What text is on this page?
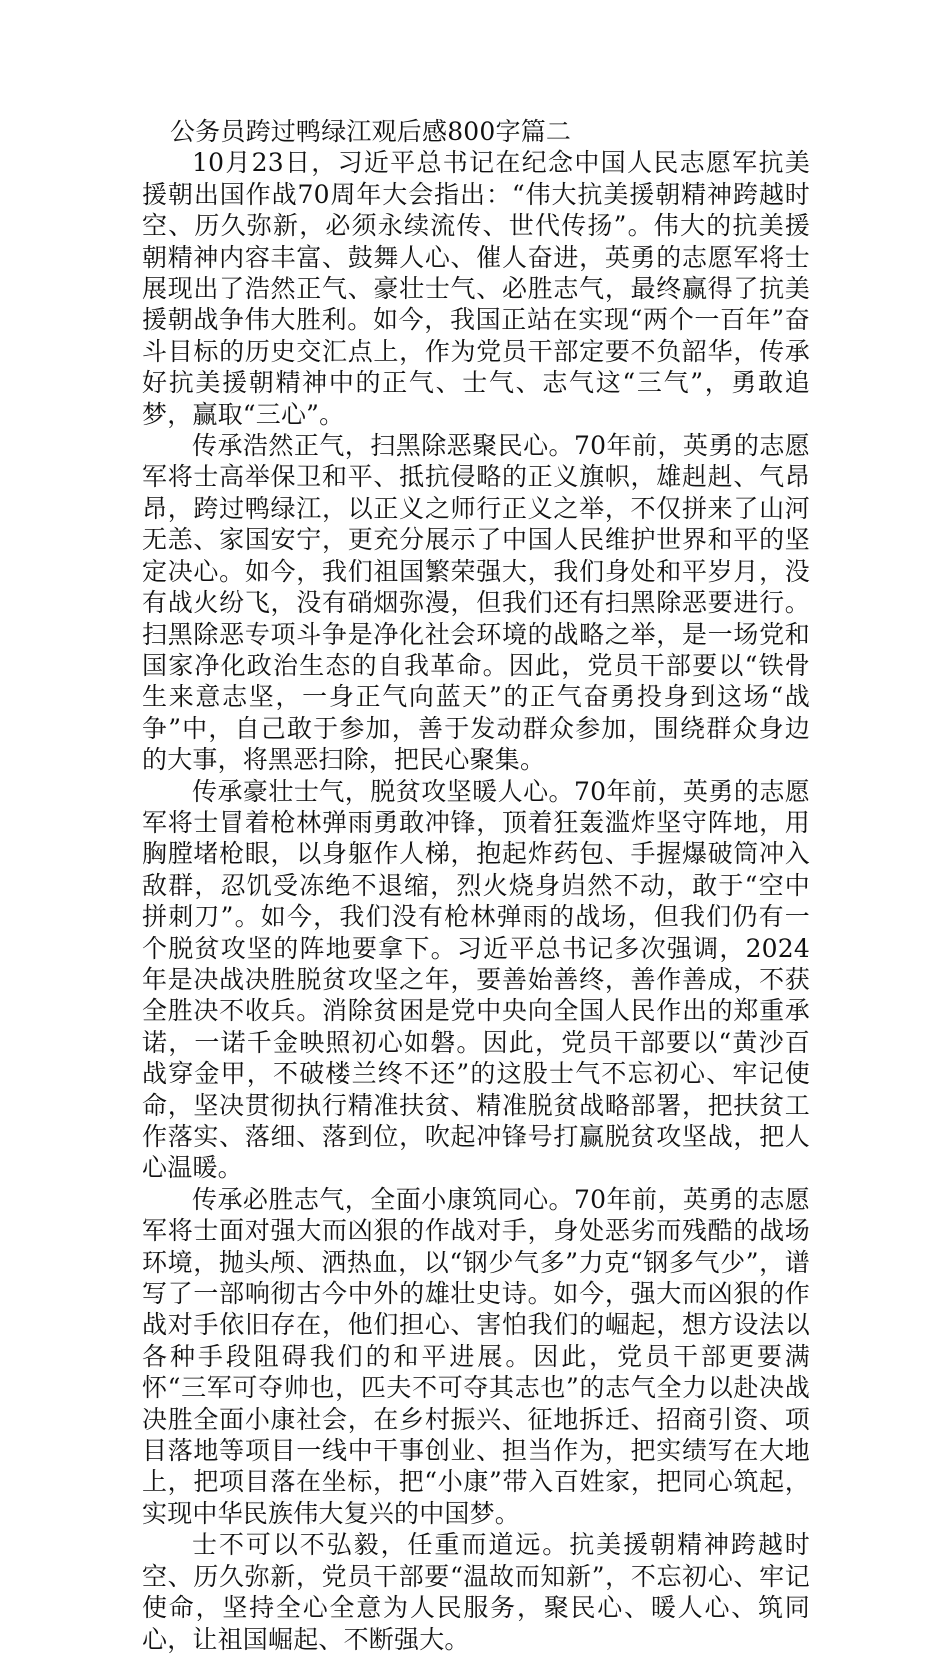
公务员跨过鸭绿江观后感800字篇二

10月23日，习近平总书记在纪念中国人民志愿军抗美援朝出国作战70周年大会指出：“伟大抗美援朝精神跨越时空、历久弥新，必须永续流传、世代传扬”。伟大的抗美援朝精神内容丰富、鼓舞人心、催人奋进，英勇的志愿军将士展现出了浩然正气、豪壮士气、必胜志气，最终赢得了抗美援朝战争伟大胜利。如今，我国正站在实现“两个一百年”奋斗目标的历史交汇点上，作为党员干部定要不负韶华，传承好抗美援朝精神中的正气、士气、志气这“三气”，勇敢追梦，赢取“三心”。

传承浩然正气，扫黑除恶聚民心。70年前，英勇的志愿军将士高举保卫和平、抵抗侵略的正义旗帜，雄赳赳、气昂昂，跨过鸭绿江，以正义之师行正义之举，不仅拼来了山河无恙、家国安宁，更充分展示了中国人民维护世界和平的坚定决心。如今，我们祖国繁荣强大，我们身处和平岁月，没有战火纷飞，没有硝烟弥漫，但我们还有扫黑除恶要进行。扫黑除恶专项斗争是净化社会环境的战略之举，是一场党和国家净化政治生态的自我革命。因此，党员干部要以“铁骨生来意志坚，一身正气向蓝天”的正气奋勇投身到这场“战争”中，自己敢于参加，善于发动群众参加，围绕群众身边的大事，将黑恶扫除，把民心聚集。

传承豪壮士气，脱贫攻坚暖人心。70年前，英勇的志愿军将士冒着枪林弹雨勇敢冲锋，顶着狂轰滥炸坚守阵地，用胸膛堵枪眼，以身躯作人梯，抱起炸药包、手握爆破筒冲入敌群，忍饥受冻绝不退缩，烈火烧身岿然不动，敢于“空中拼刺刀”。如今，我们没有枪林弹雨的战场，但我们仍有一个脱贫攻坚的阵地要拿下。习近平总书记多次强调，2024年是决战决胜脱贫攻坚之年，要善始善终，善作善成，不获全胜决不收兵。消除贫困是党中央向全国人民作出的郑重承诺，一诺千金映照初心如磐。因此，党员干部要以“黄沙百战穿金甲，不破楼兰终不还”的这股士气不忘初心、牢记使命，坚决贯彻执行精准扶贫、精准脱贫战略部署，把扶贫工作落实、落细、落到位，吹起冲锋号打赢脱贫攻坚战，把人心温暖。

传承必胜志气，全面小康筑同心。70年前，英勇的志愿军将士面对强大而凶狠的作战对手，身处恶劣而残酷的战场环境，抛头颅、洒热血，以“钢少气多”力克“钢多气少”，谱写了一部响彻古今中外的雄壮史诗。如今，强大而凶狠的作战对手依旧存在，他们担心、害怕我们的崛起，想方设法以各种手段阻碍我们的和平进展。因此，党员干部更要满怀“三军可夺帅也，匹夫不可夺其志也”的志气全力以赴决战决胜全面小康社会，在乡村振兴、征地拆迁、招商引资、项目落地等项目一线中干事创业、担当作为，把实绩写在大地上，把项目落在坐标，把“小康”带入百姓家，把同心筑起，实现中华民族伟大复兴的中国梦。

士不可以不弘毅，任重而道远。抗美援朝精神跨越时空、历久弥新，党员干部要“温故而知新”，不忘初心、牢记使命，坚持全心全意为人民服务，聚民心、暖人心、筑同心，让祖国崛起、不断强大。
